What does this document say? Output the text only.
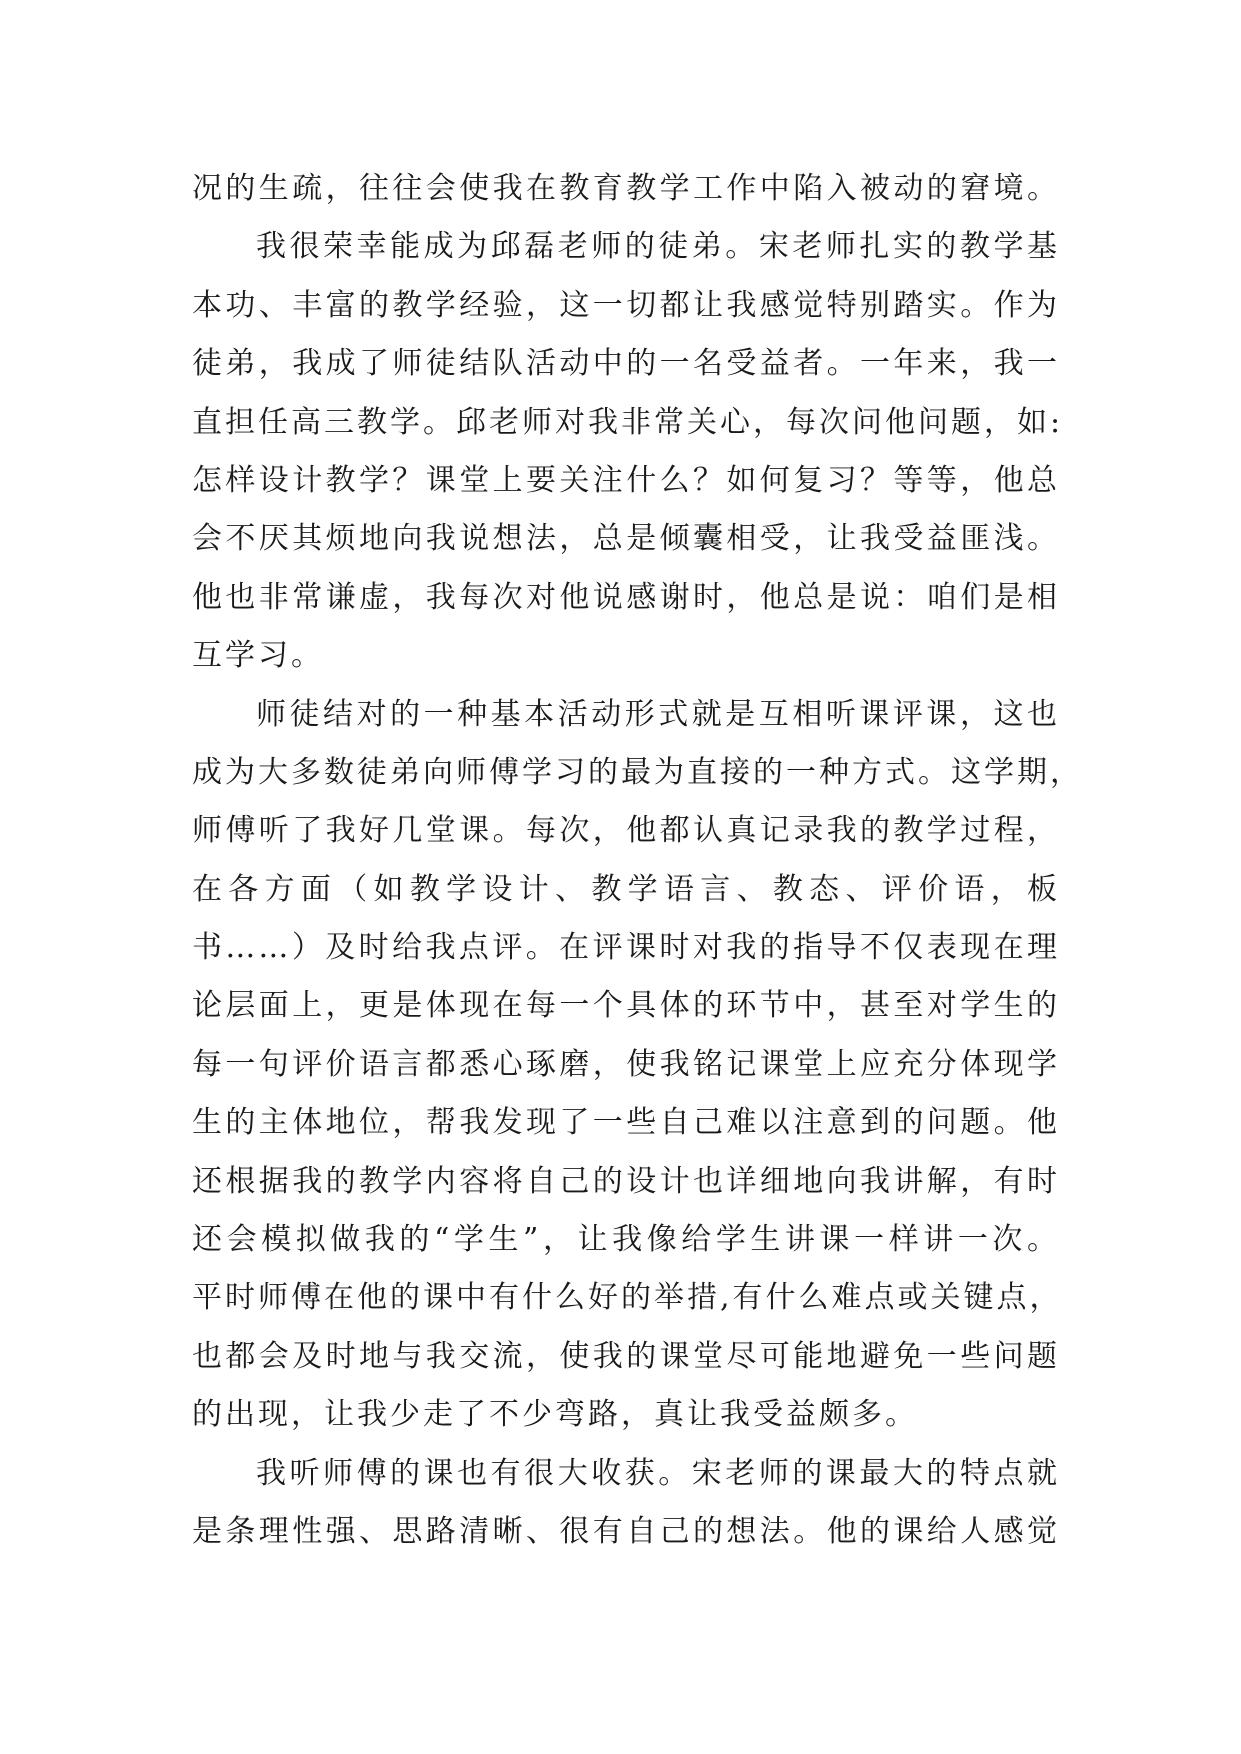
况的生疏，往往会使我在教育教学工作中陷入被动的窘境。
我很荣幸能成为邱磊老师的徒弟。宋老师扎实的教学基
本功、丰富的教学经验，这一切都让我感觉特别踏实。作为
徒弟，我成了师徒结队活动中的一名受益者。一年来，我一
直担任高三教学。邱老师对我非常关心，每次问他问题，如:
怎样设计教学？课堂上要关注什么？如何复习？等等，他总
会不厌其烦地向我说想法，总是倾囊相受，让我受益匪浅。
他也非常谦虚，我每次对他说感谢时，他总是说：咱们是相
互学习。
师徒结对的一种基本活动形式就是互相听课评课，这也
成为大多数徒弟向师傅学习的最为直接的一种方式。这学期，
师傅听了我好几堂课。每次，他都认真记录我的教学过程，
在各方面（如教学设计、教学语言、教态、评价语，板
书……）及时给我点评。在评课时对我的指导不仅表现在理
论层面上，更是体现在每一个具体的环节中，甚至对学生的
每一句评价语言都悉心琢磨，使我铭记课堂上应充分体现学
生的主体地位，帮我发现了一些自己难以注意到的问题。他
还根据我的教学内容将自己的设计也详细地向我讲解，有时
还会模拟做我的“学生”，让我像给学生讲课一样讲一次。
平时师傅在他的课中有什么好的举措,有什么难点或关键点，
也都会及时地与我交流，使我的课堂尽可能地避免一些问题
的出现，让我少走了不少弯路，真让我受益颇多。
我听师傅的课也有很大收获。宋老师的课最大的特点就
是条理性强、思路清晰、很有自己的想法。他的课给人感觉
